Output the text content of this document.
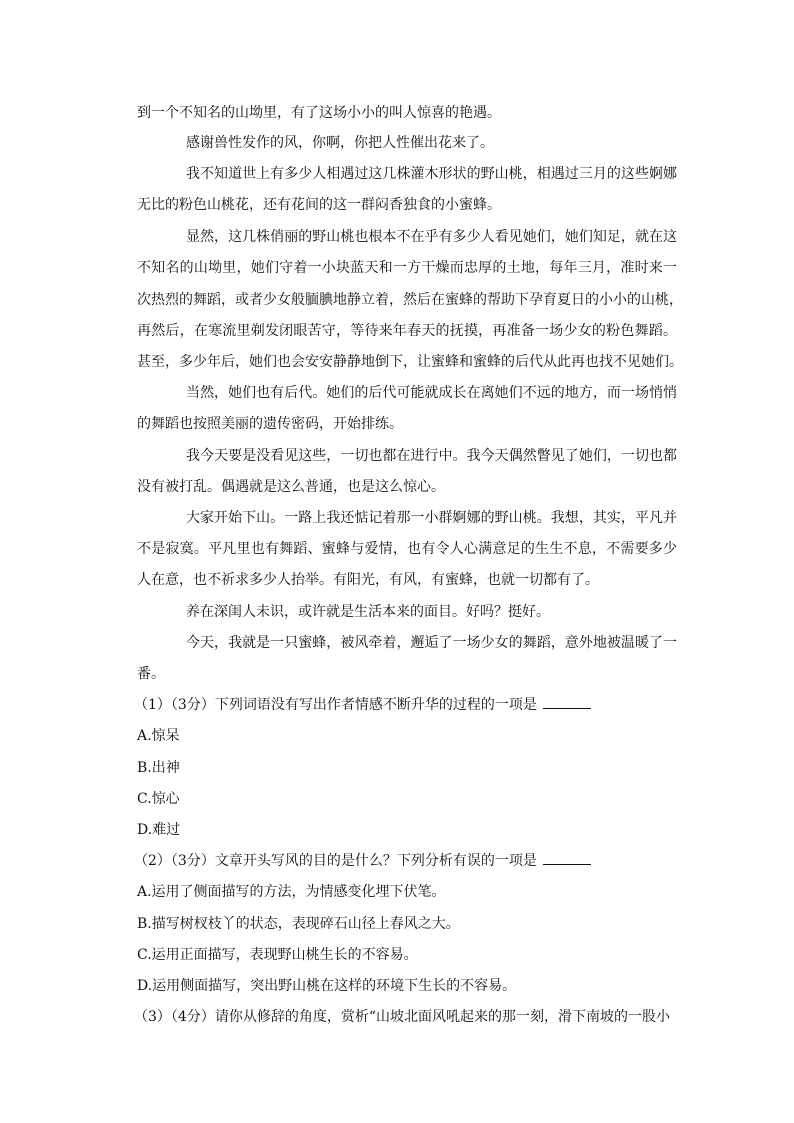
到一个不知名的山坳里，有了这场小小的叫人惊喜的艳遇。
感谢兽性发作的风，你啊，你把人性催出花来了。
我不知道世上有多少人相遇过这几株灌木形状的野山桃，相遇过三月的这些婀娜
无比的粉色山桃花，还有花间的这一群闷香独食的小蜜蜂。
显然，这几株俏丽的野山桃也根本不在乎有多少人看见她们，她们知足，就在这
不知名的山坳里，她们守着一小块蓝天和一方干燥而忠厚的土地，每年三月，准时来一
次热烈的舞蹈，或者少女般腼腆地静立着，然后在蜜蜂的帮助下孕育夏日的小小的山桃，
再然后，在寒流里剃发闭眼苦守，等待来年春天的抚摸，再准备一场少女的粉色舞蹈。
甚至，多少年后，她们也会安安静静地倒下，让蜜蜂和蜜蜂的后代从此再也找不见她们。
当然，她们也有后代。她们的后代可能就成长在离她们不远的地方，而一场悄悄
的舞蹈也按照美丽的遗传密码，开始排练。
我今天要是没看见这些，一切也都在进行中。我今天偶然瞥见了她们，一切也都
没有被打乱。偶遇就是这么普通，也是这么惊心。
大家开始下山。一路上我还惦记着那一小群婀娜的野山桃。我想，其实，平凡并
不是寂寞。平凡里也有舞蹈、蜜蜂与爱情，也有令人心满意足的生生不息，不需要多少
人在意，也不祈求多少人抬举。有阳光，有风，有蜜蜂，也就一切都有了。
养在深闺人未识，或许就是生活本来的面目。好吗？挺好。
今天，我就是一只蜜蜂，被风牵着，邂逅了一场少女的舞蹈，意外地被温暖了一
番。
（1）（3分）下列词语没有写出作者情感不断升华的过程的一项是
A.惊呆
B.出神
C.惊心
D.难过
（2）（3分）文章开头写风的目的是什么？下列分析有误的一项是
A.运用了侧面描写的方法，为情感变化埋下伏笔。
B.描写树杈枝丫的状态，表现碎石山径上春风之大。
C.运用正面描写，表现野山桃生长的不容易。
D.运用侧面描写，突出野山桃在这样的环境下生长的不容易。
（3）（4分）请你从修辞的角度，赏析“山坡北面风吼起来的那一刻，滑下南坡的一股小
